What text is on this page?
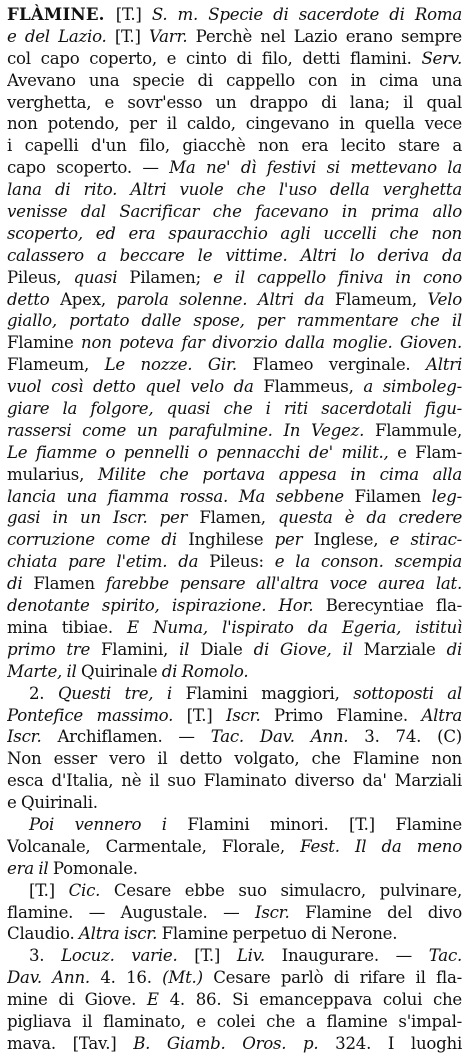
FLÀMINE. [T.] S. m. Specie di sacerdote di Roma
e del Lazio. [T.] Varr. Perchè nel Lazio erano sempre
col capo coperto, e cinto di filo, detti flamini. Serv.
Avevano una specie di cappello con in cima una
verghetta, e sovr'esso un drappo di lana; il qual
non potendo, per il caldo, cingevano in quella vece
i capelli d'un filo, giacchè non era lecito stare a
capo scoperto. — Ma ne' dì festivi si mettevano la
lana di rito. Altri vuole che l'uso della verghetta
venisse dal Sacrificar che facevano in prima allo
scoperto, ed era spauracchio agli uccelli che non
calassero a beccare le vittime. Altri lo deriva da
Pileus, quasi Pilamen; e il cappello finiva in cono
detto Apex, parola solenne. Altri da Flameum, Velo
giallo, portato dalle spose, per rammentare che il
Flamine non poteva far divorzio dalla moglie. Gioven.
Flameum, Le nozze. Gir. Flameo verginale. Altri
vuol così detto quel velo da Flammeus, a simboleg-
giare la folgore, quasi che i riti sacerdotali figu-
rassersi come un parafulmine. In Vegez. Flammule,
Le fiamme o pennelli o pennacchi de' milit., e Flam-
mularius, Milite che portava appesa in cima alla
lancia una fiamma rossa. Ma sebbene Filamen leg-
gasi in un Iscr. per Flamen, questa è da credere
corruzione come di Inghilese per Inglese, e stirac-
chiata pare l'etim. da Pileus: e la conson. scempia
di Flamen farebbe pensare all'altra voce aurea lat.
denotante spirito, ispirazione. Hor. Berecyntiae fla-
mina tibiae. E Numa, l'ispirato da Egeria, istituì
primo tre Flamini, il Diale di Giove, il Marziale di
Marte, il Quirinale di Romolo.
2. Questi tre, i Flamini maggiori, sottoposti al
Pontefice massimo. [T.] Iscr. Primo Flamine. Altra
Iscr. Archiflamen. — Tac. Dav. Ann. 3. 74. (C)
Non esser vero il detto volgato, che Flamine non
esca d'Italia, nè il suo Flaminato diverso da' Marziali
e Quirinali.
Poi vennero i Flamini minori. [T.] Flamine
Volcanale, Carmentale, Florale, Fest. Il da meno
era il Pomonale.
[T.] Cic. Cesare ebbe suo simulacro, pulvinare,
flamine. — Augustale. — Iscr. Flamine del divo
Claudio. Altra iscr. Flamine perpetuo di Nerone.
3. Locuz. varie. [T.] Liv. Inaugurare. — Tac.
Dav. Ann. 4. 16. (Mt.) Cesare parlò di rifare il fla-
mine di Giove. E 4. 86. Si emanceppava colui che
pigliava il flaminato, e colei che a flamine s'impal-
mava. [Tav.] B. Giamb. Oros. p. 324. I luoghi
